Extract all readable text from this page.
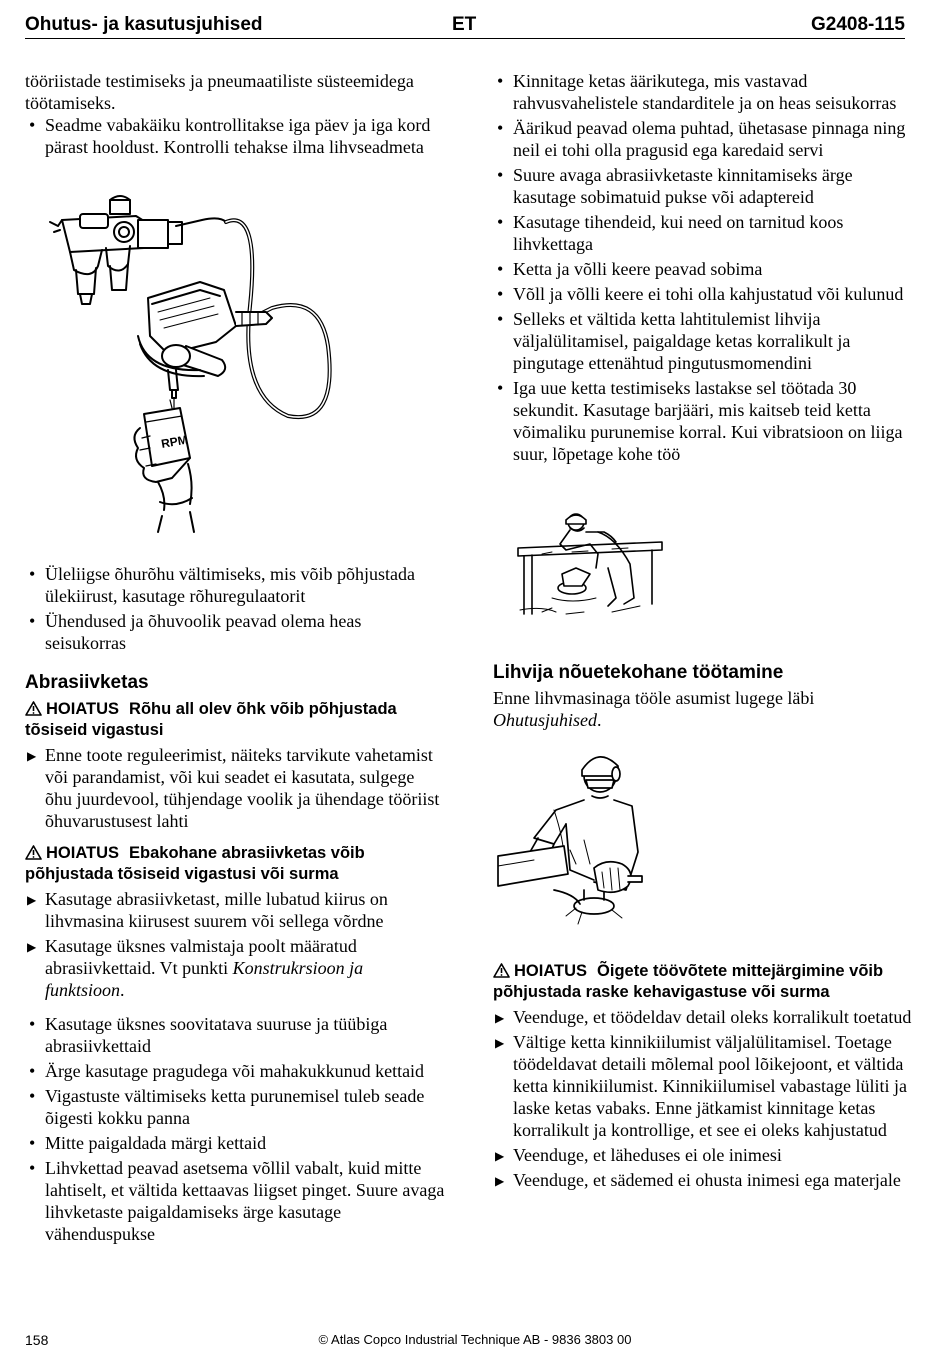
Ohutus- ja kasutusjuhised	ET	G2408-115

tööriistade testimiseks ja pneumaatiliste süsteemidega töötamiseks.

• Seadme vabakäiku kontrollitakse iga päev ja iga kord pärast hooldust. Kontrolli tehakse ilma lihvseadmeta
RPM
• Üleliigse õhurõhu vältimiseks, mis võib põhjustada ülekiirust, kasutage rõhuregulaatorit
• Ühendused ja õhuvoolik peavad olema heas seisukorras
Abrasiivketas

HOIATUS Rõhu all olev õhk võib põhjustada tõsiseid vigastusi

▶ Enne toote reguleerimist, näiteks tarvikute vahetamist või parandamist, või kui seadet ei kasutata, sulgege õhu juurdevool, tühjendage voolik ja ühendage tööriist õhuvarustusest lahti

HOIATUS Ebakohane abrasiivketas võib põhjustada tõsiseid vigastusi või surma

▶ Kasutage abrasiivketast, mille lubatud kiirus on lihvmasina kiirusest suurem või sellega võrdne
▶ Kasutage üksnes valmistaja poolt määratud abrasiivkettaid. Vt punkti Konstrukrsioon ja funktsioon.
• Kasutage üksnes soovitatava suuruse ja tüübiga abrasiivkettaid
• Ärge kasutage pragudega või mahakukkunud kettaid
• Vigastuste vältimiseks ketta purunemisel tuleb seade õigesti kokku panna
• Mitte paigaldada märgi kettaid
• Lihvkettad peavad asetsema võllil vabalt, kuid mitte lahtiselt, et vältida kettaavas liigset pinget. Suure avaga lihvketaste paigaldamiseks ärge kasutage vähenduspukse
• Kinnitage ketas äärikutega, mis vastavad rahvusvahelistele standarditele ja on heas seisukorras
• Äärikud peavad olema puhtad, ühetasase pinnaga ning neil ei tohi olla pragusid ega karedaid servi
• Suure avaga abrasiivketaste kinnitamiseks ärge kasutage sobimatuid pukse või adaptereid
• Kasutage tihendeid, kui need on tarnitud koos lihvkettaga
• Ketta ja võlli keere peavad sobima
• Võll ja võlli keere ei tohi olla kahjustatud või kulunud
• Selleks et vältida ketta lahtitulemist lihvija väljalülitamisel, paigaldage ketas korralikult ja pingutage ettenähtud pingutusmomendini
• Iga uue ketta testimiseks lastakse sel töötada 30 sekundit. Kasutage barjääri, mis kaitseb teid ketta võimaliku purunemise korral. Kui vibratsioon on liiga suur, lõpetage kohe töö
Lihvija nõuetekohane töötamine

Enne lihvmasinaga tööle asumist lugege läbi Ohutusjuhised.

HOIATUS Õigete töövõtete mittejärgimine võib põhjustada raske kehavigastuse või surma

▶ Veenduge, et töödeldav detail oleks korralikult toetatud
▶ Vältige ketta kinnikiilumist väljalülitamisel. Toetage töödeldavat detaili mõlemal pool lõikejoont, et vältida ketta kinnikiilumist. Kinnikiilumisel vabastage lüliti ja laske ketas vabaks. Enne jätkamist kinnitage ketas korralikult ja kontrollige, et see ei oleks kahjustatud
▶ Veenduge, et läheduses ei ole inimesi
▶ Veenduge, et sädemed ei ohusta inimesi ega materjale
158	© Atlas Copco Industrial Technique AB - 9836 3803 00
